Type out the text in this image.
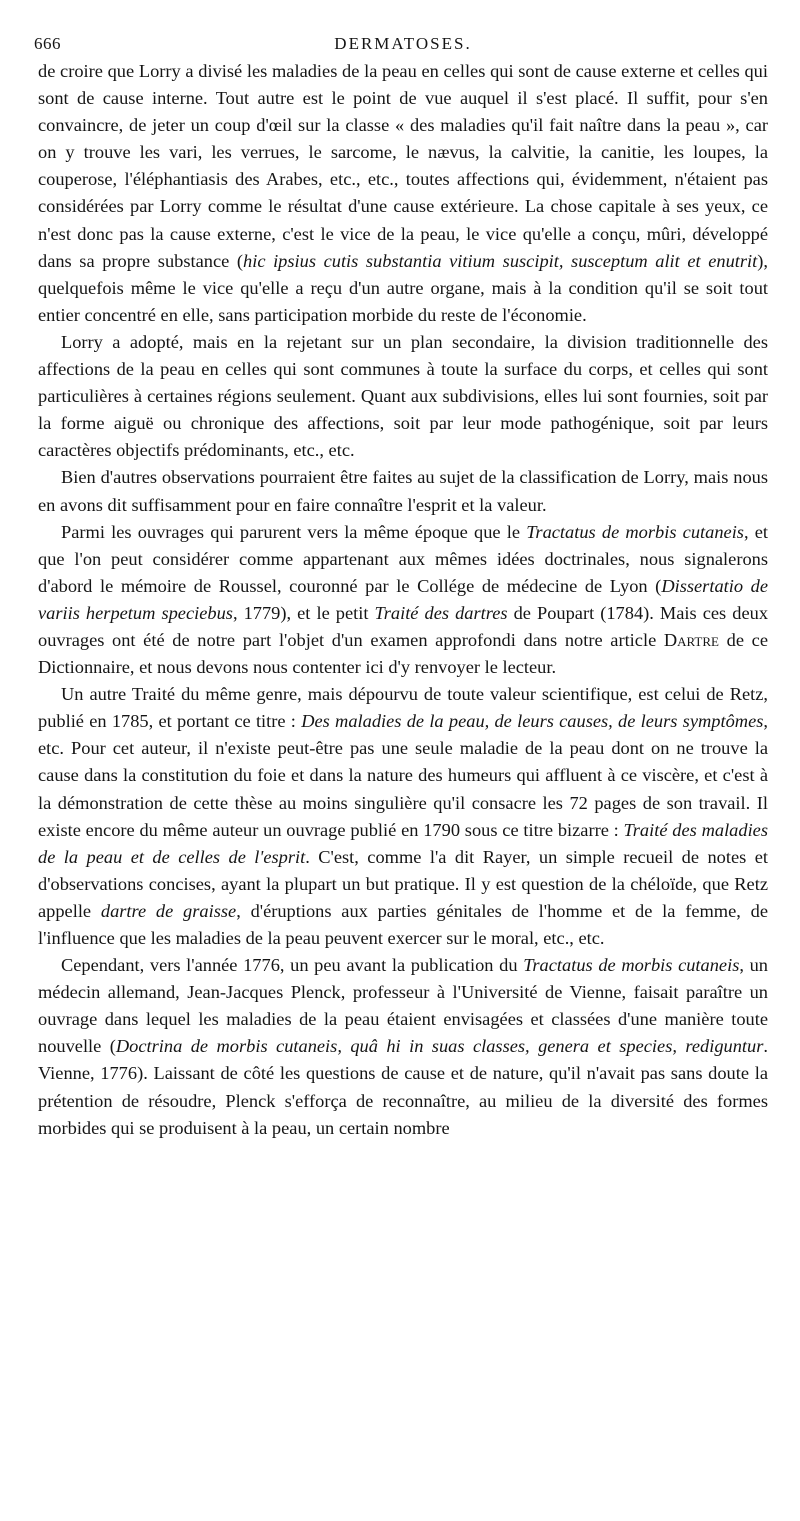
666	DERMATOSES.

de croire que Lorry a divisé les maladies de la peau en celles qui sont de cause externe et celles qui sont de cause interne. Tout autre est le point de vue auquel il s'est placé. Il suffit, pour s'en convaincre, de jeter un coup d'œil sur la classe « des maladies qu'il fait naître dans la peau », car on y trouve les vari, les verrues, le sarcome, le nævus, la calvitie, la canitie, les loupes, la couperose, l'éléphantiasis des Arabes, etc., etc., toutes affections qui, évidemment, n'étaient pas considérées par Lorry comme le résultat d'une cause extérieure. La chose capitale à ses yeux, ce n'est donc pas la cause externe, c'est le vice de la peau, le vice qu'elle a conçu, mûri, développé dans sa propre substance (hic ipsius cutis substantia vitium suscipit, susceptum alit et enutrit), quelquefois même le vice qu'elle a reçu d'un autre organe, mais à la condition qu'il se soit tout entier concentré en elle, sans participation morbide du reste de l'économie.

Lorry a adopté, mais en la rejetant sur un plan secondaire, la division traditionnelle des affections de la peau en celles qui sont communes à toute la surface du corps, et celles qui sont particulières à certaines régions seulement. Quant aux subdivisions, elles lui sont fournies, soit par la forme aiguë ou chronique des affections, soit par leur mode pathogénique, soit par leurs caractères objectifs prédominants, etc., etc.

Bien d'autres observations pourraient être faites au sujet de la classification de Lorry, mais nous en avons dit suffisamment pour en faire connaître l'esprit et la valeur.

Parmi les ouvrages qui parurent vers la même époque que le Tractatus de morbis cutaneis, et que l'on peut considérer comme appartenant aux mêmes idées doctrinales, nous signalerons d'abord le mémoire de Roussel, couronné par le Collége de médecine de Lyon (Dissertatio de variis herpetum speciebus, 1779), et le petit Traité des dartres de Poupart (1784). Mais ces deux ouvrages ont été de notre part l'objet d'un examen approfondi dans notre article Dartre de ce Dictionnaire, et nous devons nous contenter ici d'y renvoyer le lecteur.

Un autre Traité du même genre, mais dépourvu de toute valeur scientifique, est celui de Retz, publié en 1785, et portant ce titre : Des maladies de la peau, de leurs causes, de leurs symptômes, etc. Pour cet auteur, il n'existe peut-être pas une seule maladie de la peau dont on ne trouve la cause dans la constitution du foie et dans la nature des humeurs qui affluent à ce viscère, et c'est à la démonstration de cette thèse au moins singulière qu'il consacre les 72 pages de son travail. Il existe encore du même auteur un ouvrage publié en 1790 sous ce titre bizarre : Traité des maladies de la peau et de celles de l'esprit. C'est, comme l'a dit Rayer, un simple recueil de notes et d'observations concises, ayant la plupart un but pratique. Il y est question de la chéloïde, que Retz appelle dartre de graisse, d'éruptions aux parties génitales de l'homme et de la femme, de l'influence que les maladies de la peau peuvent exercer sur le moral, etc., etc.

Cependant, vers l'année 1776, un peu avant la publication du Tractatus de morbis cutaneis, un médecin allemand, Jean-Jacques Plenck, professeur à l'Université de Vienne, faisait paraître un ouvrage dans lequel les maladies de la peau étaient envisagées et classées d'une manière toute nouvelle (Doctrina de morbis cutaneis, quâ hi in suas classes, genera et species, rediguntur. Vienne, 1776). Laissant de côté les questions de cause et de nature, qu'il n'avait pas sans doute la prétention de résoudre, Plenck s'efforça de reconnaître, au milieu de la diversité des formes morbides qui se produisent à la peau, un certain nombre
